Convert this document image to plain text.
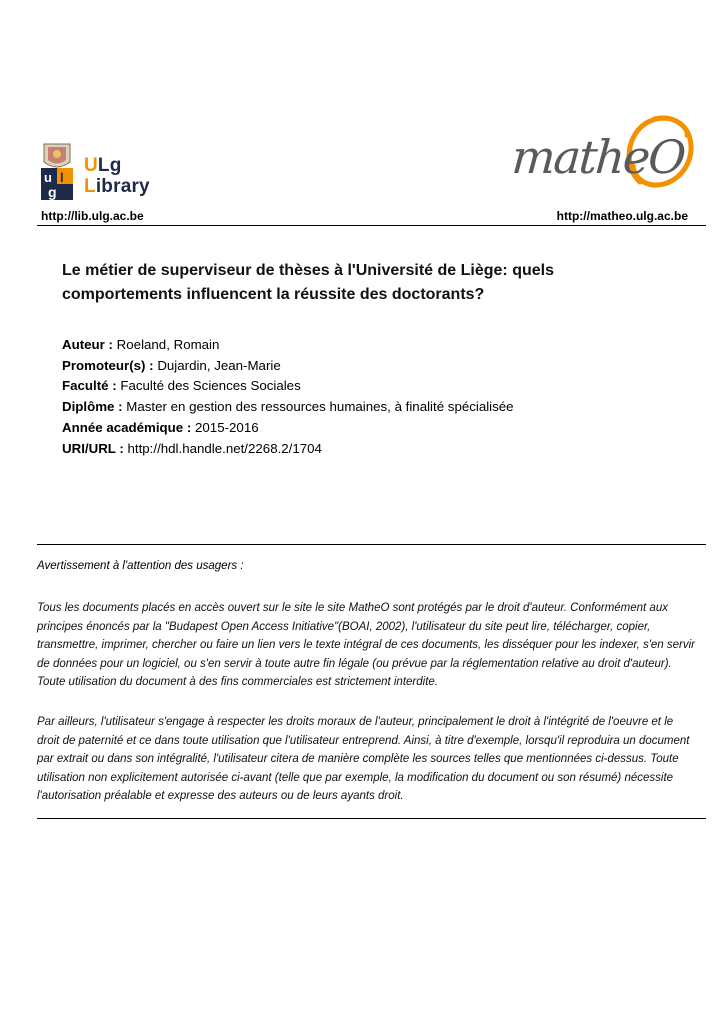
u l
g
ULg
Library
matheO
http://lib.ulg.ac.be	http://matheo.ulg.ac.be
Le métier de superviseur de thèses à l'Université de Liège: quels
comportements influencent la réussite des doctorants?
Auteur : Roeland, Romain
Promoteur(s) : Dujardin, Jean-Marie
Faculté : Faculté des Sciences Sociales
Diplôme : Master en gestion des ressources humaines, à finalité spécialisée
Année académique : 2015-2016
URI/URL : http://hdl.handle.net/2268.2/1704
Avertissement à l'attention des usagers :
Tous les documents placés en accès ouvert sur le site le site MatheO sont protégés par le droit d'auteur. Conformément aux principes énoncés par la "Budapest Open Access Initiative"(BOAI, 2002), l'utilisateur du site peut lire, télécharger, copier, transmettre, imprimer, chercher ou faire un lien vers le texte intégral de ces documents, les disséquer pour les indexer, s'en servir de données pour un logiciel, ou s'en servir à toute autre fin légale (ou prévue par la réglementation relative au droit d'auteur). Toute utilisation du document à des fins commerciales est strictement interdite.
Par ailleurs, l'utilisateur s'engage à respecter les droits moraux de l'auteur, principalement le droit à l'intégrité de l'oeuvre et le droit de paternité et ce dans toute utilisation que l'utilisateur entreprend. Ainsi, à titre d'exemple, lorsqu'il reproduira un document par extrait ou dans son intégralité, l'utilisateur citera de manière complète les sources telles que mentionnées ci-dessus. Toute utilisation non explicitement autorisée ci-avant (telle que par exemple, la modification du document ou son résumé) nécessite l'autorisation préalable et expresse des auteurs ou de leurs ayants droit.
